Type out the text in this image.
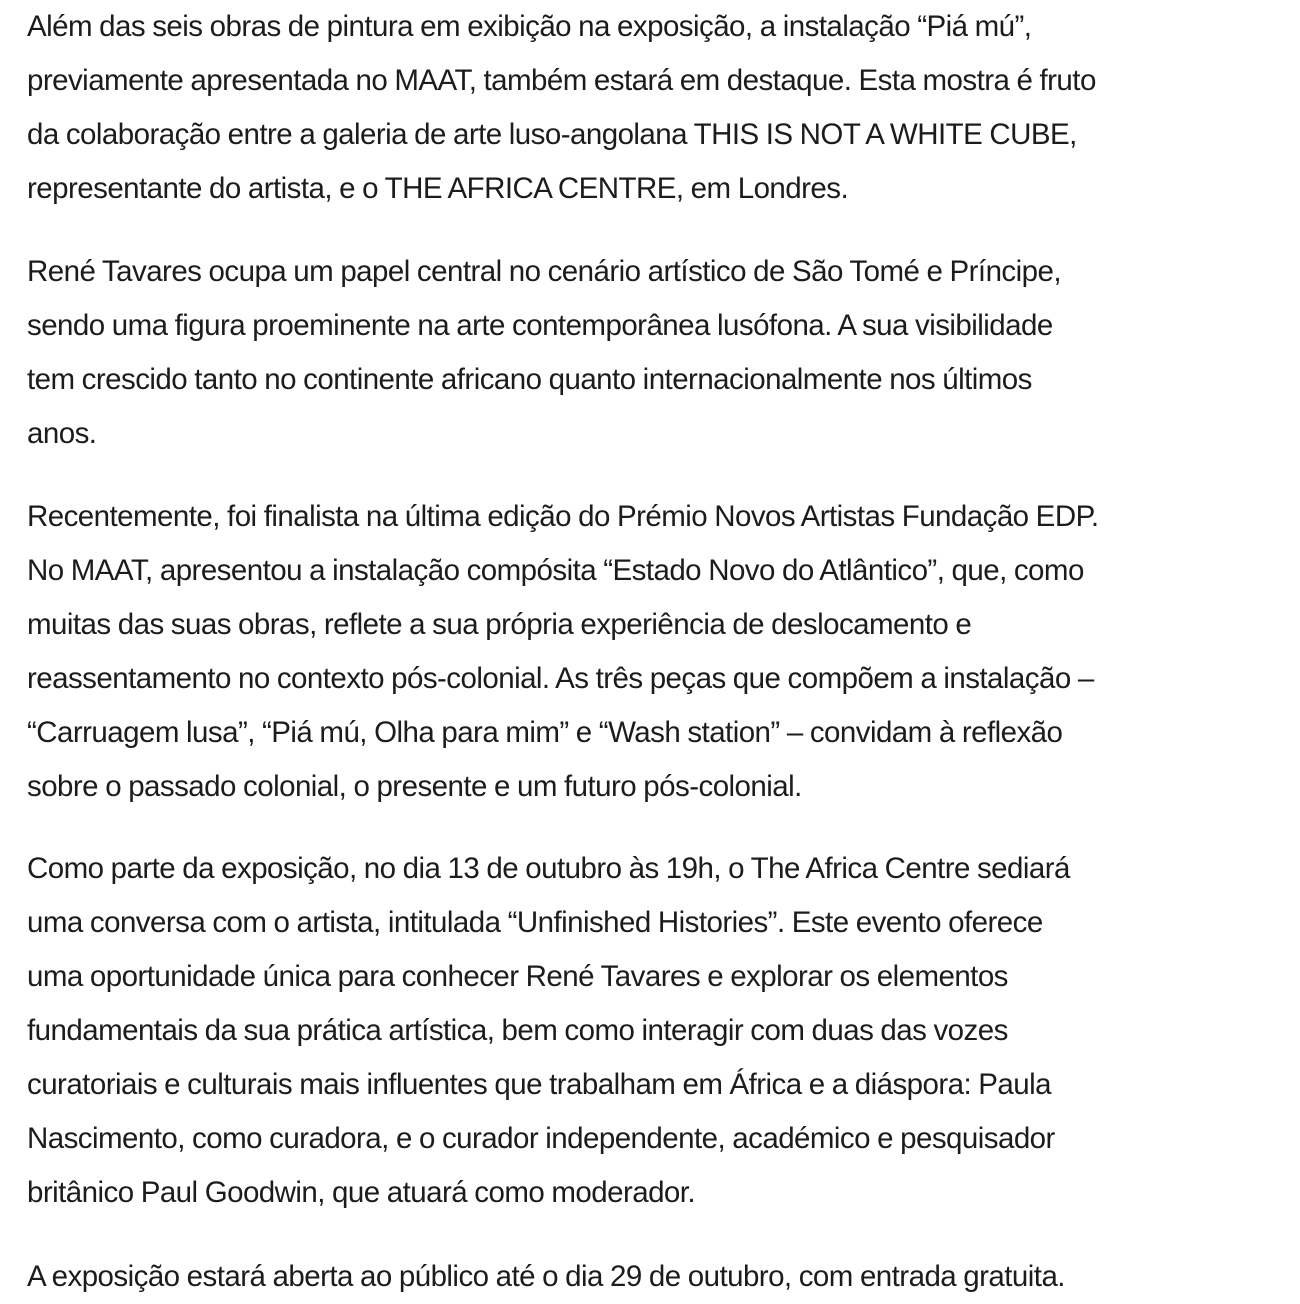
Além das seis obras de pintura em exibição na exposição, a instalação “Piá mú”,
previamente apresentada no MAAT, também estará em destaque. Esta mostra é fruto
da colaboração entre a galeria de arte luso-angolana THIS IS NOT A WHITE CUBE,
representante do artista, e o THE AFRICA CENTRE, em Londres.

René Tavares ocupa um papel central no cenário artístico de São Tomé e Príncipe,
sendo uma figura proeminente na arte contemporânea lusófona. A sua visibilidade
tem crescido tanto no continente africano quanto internacionalmente nos últimos
anos.

Recentemente, foi finalista na última edição do Prémio Novos Artistas Fundação EDP.
No MAAT, apresentou a instalação compósita “Estado Novo do Atlântico”, que, como
muitas das suas obras, reflete a sua própria experiência de deslocamento e
reassentamento no contexto pós-colonial. As três peças que compõem a instalação –
“Carruagem lusa”, “Piá mú, Olha para mim” e “Wash station” – convidam à reflexão
sobre o passado colonial, o presente e um futuro pós-colonial.

Como parte da exposição, no dia 13 de outubro às 19h, o The Africa Centre sediará
uma conversa com o artista, intitulada “Unfinished Histories”. Este evento oferece
uma oportunidade única para conhecer René Tavares e explorar os elementos
fundamentais da sua prática artística, bem como interagir com duas das vozes
curatoriais e culturais mais influentes que trabalham em África e a diáspora: Paula
Nascimento, como curadora, e o curador independente, académico e pesquisador
britânico Paul Goodwin, que atuará como moderador.

A exposição estará aberta ao público até o dia 29 de outubro, com entrada gratuita.
